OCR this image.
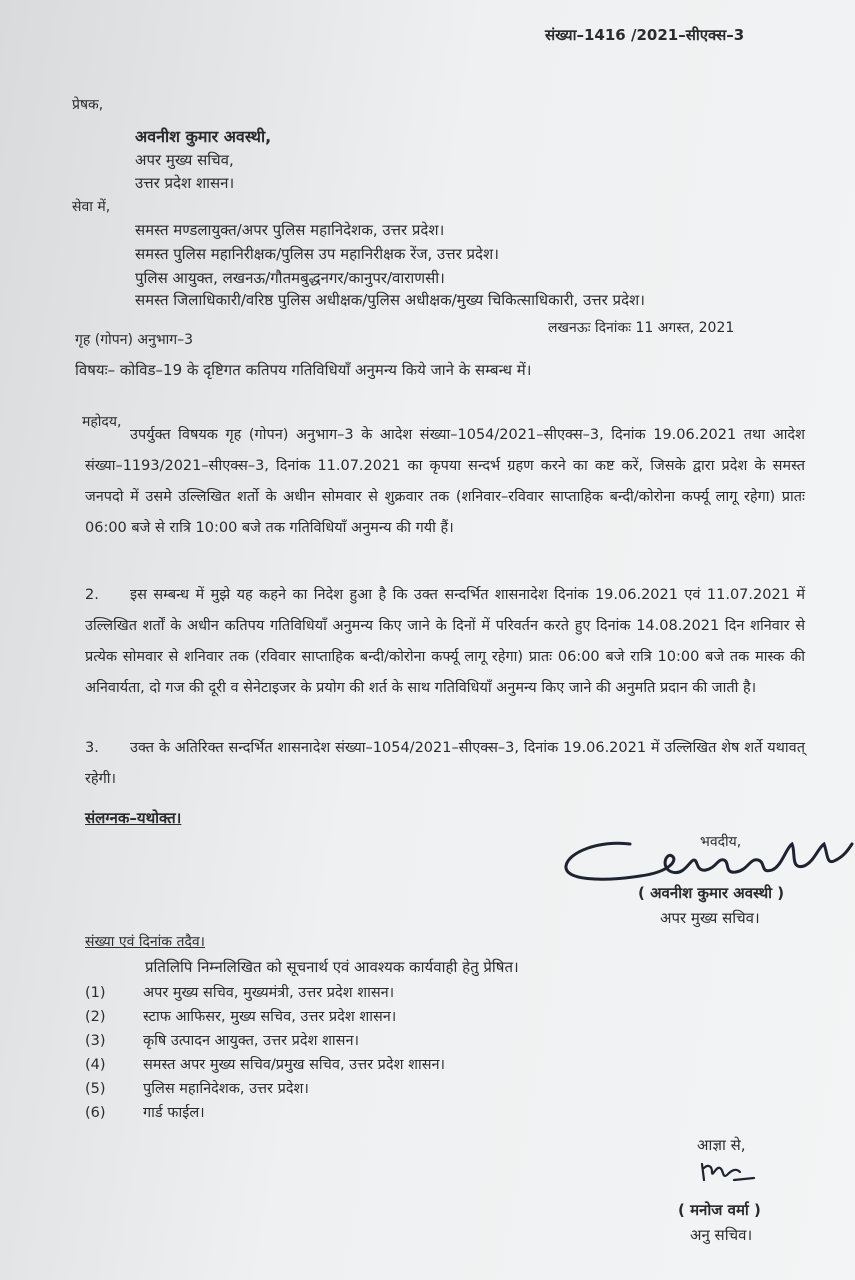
संख्या–1416 /2021–सीएक्स–3
प्रेषक,
अवनीश कुमार अवस्थी,
अपर मुख्य सचिव,
उत्तर प्रदेश शासन।
सेवा में,
समस्त मण्डलायुक्त/अपर पुलिस महानिदेशक, उत्तर प्रदेश।
समस्त पुलिस महानिरीक्षक/पुलिस उप महानिरीक्षक रेंज, उत्तर प्रदेश।
पुलिस आयुक्त, लखनऊ/गौतमबुद्धनगर/कानुपर/वाराणसी।
समस्त जिलाधिकारी/वरिष्ठ पुलिस अधीक्षक/पुलिस अधीक्षक/मुख्य चिकित्साधिकारी, उत्तर प्रदेश।
गृह (गोपन) अनुभाग–3
लखनऊः दिनांकः 11 अगस्त, 2021
विषयः– कोविड–19 के दृष्टिगत कतिपय गतिविधियाँ अनुमन्य किये जाने के सम्बन्ध में।
महोदय,
उपर्युक्त विषयक गृह (गोपन) अनुभाग–3 के आदेश संख्या–1054/2021–सीएक्स–3, दिनांक 19.06.2021 तथा आदेश संख्या–1193/2021–सीएक्स–3, दिनांक 11.07.2021 का कृपया सन्दर्भ ग्रहण करने का कष्ट करें, जिसके द्वारा प्रदेश के समस्त जनपदो में उसमे उल्लिखित शर्तो के अधीन सोमवार से शुक्रवार तक (शनिवार–रविवार साप्ताहिक बन्दी/कोरोना कर्फ्यू लागू रहेगा) प्रातः 06:00 बजे से रात्रि 10:00 बजे तक गतिविधियाँ अनुमन्य की गयी हैं।
2. इस सम्बन्ध में मुझे यह कहने का निदेश हुआ है कि उक्त सन्दर्भित शासनादेश दिनांक 19.06.2021 एवं 11.07.2021 में उल्लिखित शर्तों के अधीन कतिपय गतिविधियाँ अनुमन्य किए जाने के दिनों में परिवर्तन करते हुए दिनांक 14.08.2021 दिन शनिवार से प्रत्येक सोमवार से शनिवार तक (रविवार साप्ताहिक बन्दी/कोरोना कर्फ्यू लागू रहेगा) प्रातः 06:00 बजे रात्रि 10:00 बजे तक मास्क की अनिवार्यता, दो गज की दूरी व सेनेटाइजर के प्रयोग की शर्त के साथ गतिविधियाँ अनुमन्य किए जाने की अनुमति प्रदान की जाती है।
3. उक्त के अतिरिक्त सन्दर्भित शासनादेश संख्या–1054/2021–सीएक्स–3, दिनांक 19.06.2021 में उल्लिखित शेष शर्ते यथावत् रहेगी।
संलग्नक–यथोक्त।
भवदीय,
( अवनीश कुमार अवस्थी )
अपर मुख्य सचिव।
संख्या एवं दिनांक तदैव।
प्रतिलिपि निम्नलिखित को सूचनार्थ एवं आवश्यक कार्यवाही हेतु प्रेषित।
(1)	अपर मुख्य सचिव, मुख्यमंत्री, उत्तर प्रदेश शासन।
(2)	स्टाफ आफिसर, मुख्य सचिव, उत्तर प्रदेश शासन।
(3)	कृषि उत्पादन आयुक्त, उत्तर प्रदेश शासन।
(4)	समस्त अपर मुख्य सचिव/प्रमुख सचिव, उत्तर प्रदेश शासन।
(5)	पुलिस महानिदेशक, उत्तर प्रदेश।
(6)	गार्ड फाईल।
आज्ञा से,
( मनोज वर्मा )
अनु सचिव।
